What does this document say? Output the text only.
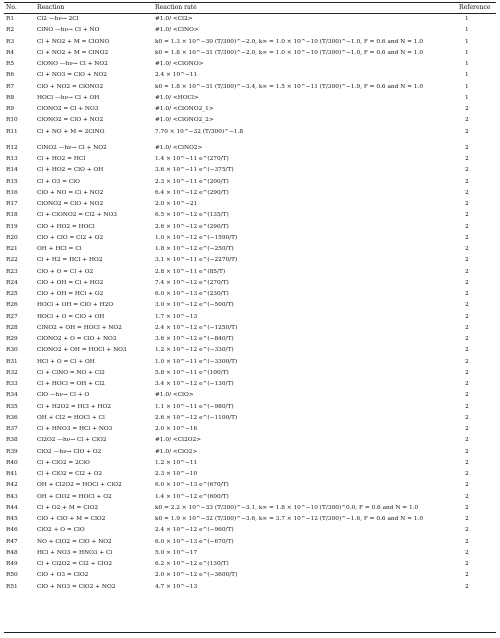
No.	Reaction	Reaction rate	Reference
R1	Cl2 —hν→ 2Cl	#1.0/ <Cl2>	1
R2	ClNO —hν→ Cl + NO	#1.0/ <ClNO>	1
R3	Cl + NO2 + M = ClONO	k0 = 1.3 × 10^−30 (T/300)^−2.0, k∞ = 1.0 × 10^−10 (T/300)^−1.0, F = 0.6 and N = 1.0	1
R4	Cl + NO2 + M = ClNO2	k0 = 1.8 × 10^−31 (T/300)^−2.0, k∞ = 1.0 × 10^−10 (T/300)^−1.0, F = 0.6 and N = 1.0	1
R5	ClONO —hν→ Cl + NO2	#1.0/ <ClONO>	1
R6	Cl + NO3 = ClO + NO2	2.4 × 10^−11	1
R7	ClO + NO2 = ClONO2	k0 = 1.8 × 10^−31 (T/300)^−3.4, k∞ = 1.5 × 10^−11 (T/300)^−1.9, F = 0.6 and N = 1.0	1
R8	HOCl —hν→ Cl + OH	#1.0/ <HOCl>	1
R9	ClONO2 = Cl + NO3	#1.0/ <ClONO2_1>	2
R10	ClONO2 = ClO + NO2	#1.0/ <ClONO2_2>	2
R11	Cl + NO + M = 2ClNO	7.70 × 10^−32 (T/300)^−1.8	2
R12	ClNO2 —hν→ Cl + NO2	#1.0/ <ClNO2>	2
R13	Cl + HO2 = HCl	1.4 × 10^−11 e^(270/T)	2
R14	Cl + HO2 = ClO + OH	3.6 × 10^−11 e^(−375/T)	2
R15	Cl + O3 = ClO	2.3 × 10^−11 e^(200/T)	2
R16	ClO + NO = Cl + NO2	6.4 × 10^−12 e^(290/T)	2
R17	ClONO2 = ClO + NO2	2.0 × 10^−21	2
R18	Cl + ClONO2 = Cl2 + NO3	6.5 × 10^−12 e^(135/T)	2
R19	ClO + HO2 = HOCl	2.6 × 10^−12 e^(290/T)	2
R20	ClO + ClO = Cl2 + O2	1.0 × 10^−12 e^(−1590/T)	2
R21	OH + HCl = Cl	1.8 × 10^−12 e^(−250/T)	2
R22	Cl + H2 = HCl + HO2	3.1 × 10^−11 e^(−2270/T)	2
R23	ClO + O = Cl + O2	2.8 × 10^−11 e^(85/T)	2
R24	ClO + OH = Cl + HO2	7.4 × 10^−12 e^(270/T)	2
R25	ClO + OH = HCl + O2	6.0 × 10^−13 e^(230/T)	2
R26	HOCl + OH = ClO + H2O	3.0 × 10^−12 e^(−500/T)	2
R27	HOCl + O = ClO + OH	1.7 × 10^−13	2
R28	ClNO2 + OH = HOCl + NO2	2.4 × 10^−12 e^(−1250/T)	2
R29	ClONO2 + O = ClO + NO3	3.6 × 10^−12 e^(−840/T)	2
R30	ClONO2 + OH = HOCl + NO3	1.2 × 10^−12 e^(−330/T)	2
R31	HCl + O = Cl + OH	1.0 × 10^−11 e^(−3300/T)	2
R32	Cl + ClNO = NO + Cl2	5.8 × 10^−11 e^(100/T)	2
R33	Cl + HOCl = OH + Cl2	3.4 × 10^−12 e^(−130/T)	2
R34	ClO —hν→ Cl + O	#1.0/ <ClO>	2
R35	Cl + H2O2 = HCl + HO2	1.1 × 10^−11 e^(−980/T)	2
R36	OH + Cl2 = HOCl + Cl	2.6 × 10^−12 e^(−1100/T)	2
R37	Cl + HNO3 = HCl + NO3	2.0 × 10^−16	2
R38	Cl2O2 —hν→ Cl + ClO2	#1.0/ <Cl2O2>	2
R39	ClO2 —hν→ ClO + O2	#1.0/ <ClO2>	2
R40	Cl + ClO2 = 2ClO	1.2 × 10^−11	2
R41	Cl + ClO2 = Cl2 + O2	2.3 × 10^−10	2
R42	OH + Cl2O2 = HOCl + ClO2	6.0 × 10^−13 e^(670/T)	2
R43	OH + ClO2 = HOCl + O2	1.4 × 10^−12 e^(600/T)	2
R44	Cl + O2 + M = ClO2	k0 = 2.2 × 10^−33 (T/300)^−3.1, k∞ = 1.8 × 10^−10 (T/300)^0.0, F = 0.6 and N = 1.0	2
R45	ClO + ClO + M = ClO2	k0 = 1.9 × 10^−32 (T/300)^−3.6, k∞ = 3.7 × 10^−12 (T/300)^−1.6, F = 0.6 and N = 1.0	2
R46	ClO2 + O = ClO	2.4 × 10^−12 e^(−960/T)	2
R47	NO + ClO2 = ClO + NO2	6.0 × 10^−13 e^(−670/T)	2
R48	HCl + NO3 = HNO3 + Cl	5.0 × 10^−17	2
R49	Cl + Cl2O2 = Cl2 + ClO2	6.2 × 10^−12 e^(130/T)	2
R50	ClO + O3 = ClO2	2.0 × 10^−12 e^(−3600/T)	2
R51	ClO + NO3 = ClO2 + NO2	4.7 × 10^−13	2
